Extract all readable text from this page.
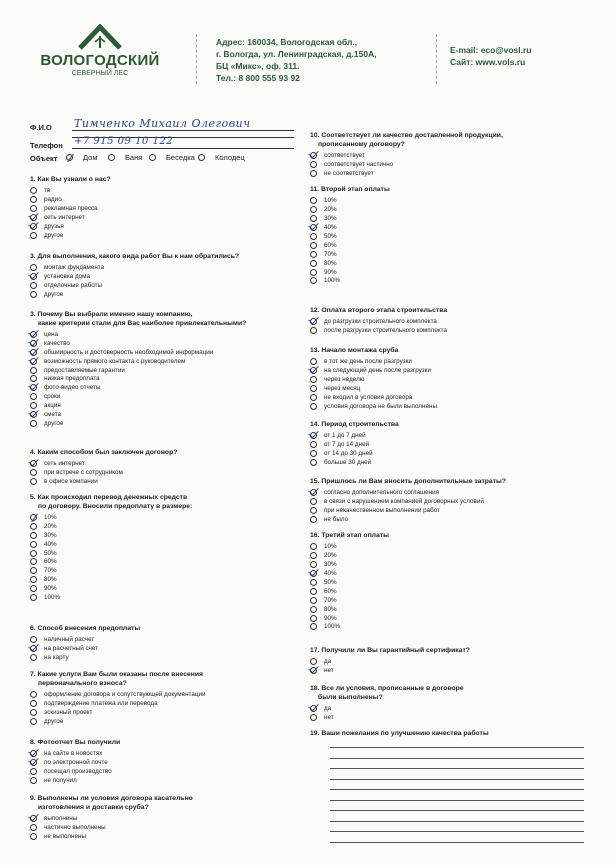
ВОЛОГОДСКИЙ
СЕВЕРНЫЙ ЛЕС
Адрес: 160034, Вологодская обл.,
г. Вологда, ул. Ленинградская, д.150А,
БЦ «Микс», оф. 311.
Тел.: 8 800 555 93 92
E-mail: eco@vosl.ru
Сайт: www.vols.ru
Ф.И.О Тимченко Михаил Олегович
Телефон +7 915 09 10 122
Объект	Дом	Баня	Беседка	Колодец
1. Как Вы узнали о нас?
тв
радио
рекламная пресса
сеть интернет
друзья
другое
3. Для выполнения, какого вида работ Вы к нам обратились?
монтаж фундамента
установка дома
отделочные работы
другое
3. Почему Вы выбрали именно нашу компанию,
какие критерии стали для Вас наиболее привлекательными?
цена
качество
обшиирность и достоверность необходимой информации
возможность прямого контакта с руководителем
предоставляемые гарантии
низкая предоплата
фото-видео отчеты
сроки
акция
смета
другое
4. Каким способом был заключен договор?
сеть интернет
при встрече с сотрудником
в офисе компании
5. Как происходил перевод денежных средств
по договору. Вносили предоплату в размере:
10%
20%
30%
40%
50%
60%
70%
80%
90%
100%
6. Способ внесения предоплаты
наличный расчет
на расчетный счет
на карту
7. Какие услуги Вам были оказаны после внесения
первоначального взноса?
оформление договора и сопутствующей документации
подтверждение платежа или перевода
эскизный проект
другое
8. Фотоотчет Вы получили
на сайте в новостях
по электронной почте
посещал производство
не получил
9. Выполнены ли условия договора касательно
изготовления и доставки сруба?
выполнены
частично выполнены
не выполнены
10. Соответствует ли качество доставленной продукции,
прописанному договору?
соответствует
соответствует частично
не соответствует
11. Второй этап оплаты
10%
20%
30%
40%
50%
60%
70%
80%
90%
100%
12. Оплата второго этапа строительства
до разгрузки строительного комплекта
после разгрузки строительного комплекта
13. Начало монтажа сруба
в тот же день после разгрузки
на следующий день после разгрузки
через неделю
через месяц
не входил в условия договора
условия договора не были выполнены
14. Период строительства
от 1 до 7 дней
от 7 до 14 дней
от 14 до 30 дней
больше 30 дней
15. Пришлось ли Вам вносить дополнительные затраты?
согласно дополнительного соглашения
в связи с нарушением компанией договорных условий
при некачественном выполнении работ
не было
16. Третий этап оплаты
10%
20%
30%
40%
50%
60%
70%
80%
90%
100%
17. Получили ли Вы гарантийный сертификат?
да
нет
18. Все ли условия, прописанные в договоре
были выполнены?
да
нет
19. Ваши пожелания по улучшению качества работы
